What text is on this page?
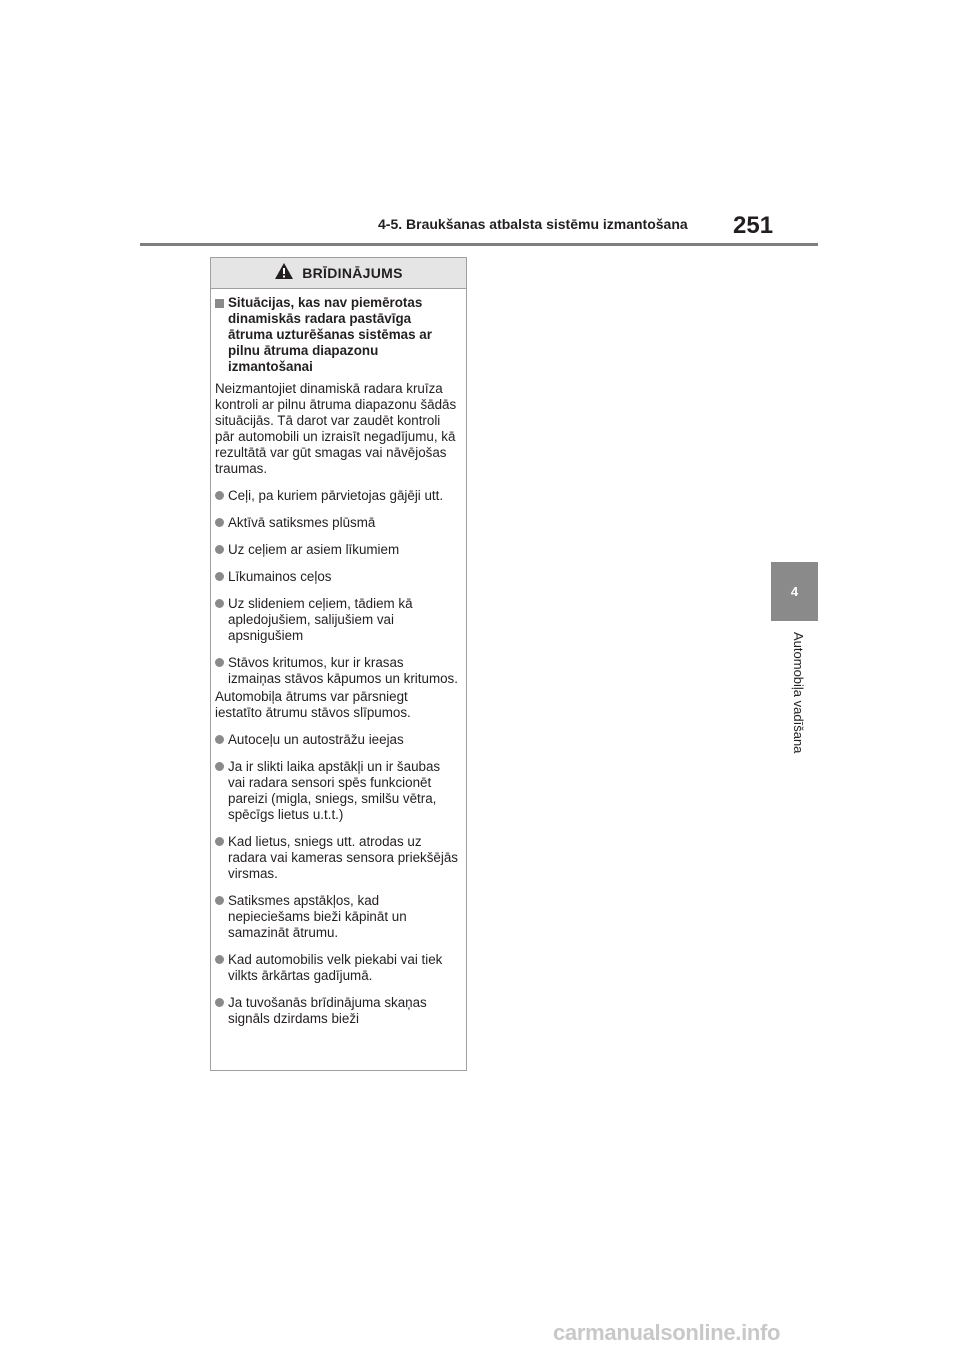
4-5. Braukšanas atbalsta sistēmu izmantošana	251
4
Automobiļa vadīšana
BRĪDINĀJUMS
Situācijas, kas nav piemērotas dinamiskās radara pastāvīga ātruma uzturēšanas sistēmas ar pilnu ātruma diapazonu izmantošanai

Neizmantojiet dinamiskā radara kruīza kontroli ar pilnu ātruma diapazonu šādās situācijās. Tā darot var zaudēt kontroli pār automobili un izraisīt negadījumu, kā rezultātā var gūt smagas vai nāvējošas traumas.

Ceļi, pa kuriem pārvietojas gājēji utt.
Aktīvā satiksmes plūsmā
Uz ceļiem ar asiem līkumiem
Līkumainos ceļos
Uz slideniem ceļiem, tādiem kā apledojušiem, salijušiem vai apsnigušiem
Stāvos kritumos, kur ir krasas izmaiņas stāvos kāpumos un kritumos.
Automobiļa ātrums var pārsniegt iestatīto ātrumu stāvos slīpumos.
Autoceļu un autostrāžu ieejas
Ja ir slikti laika apstākļi un ir šaubas vai radara sensori spēs funkcionēt pareizi (migla, sniegs, smilšu vētra, spēcīgs lietus u.t.t.)
Kad lietus, sniegs utt. atrodas uz radara vai kameras sensora priekšējās virsmas.
Satiksmes apstākļos, kad nepieciešams bieži kāpināt un samazināt ātrumu.
Kad automobilis velk piekabi vai tiek vilkts ārkārtas gadījumā.
Ja tuvošanās brīdinājuma skaņas signāls dzirdams bieži
carmanualsonline.info
